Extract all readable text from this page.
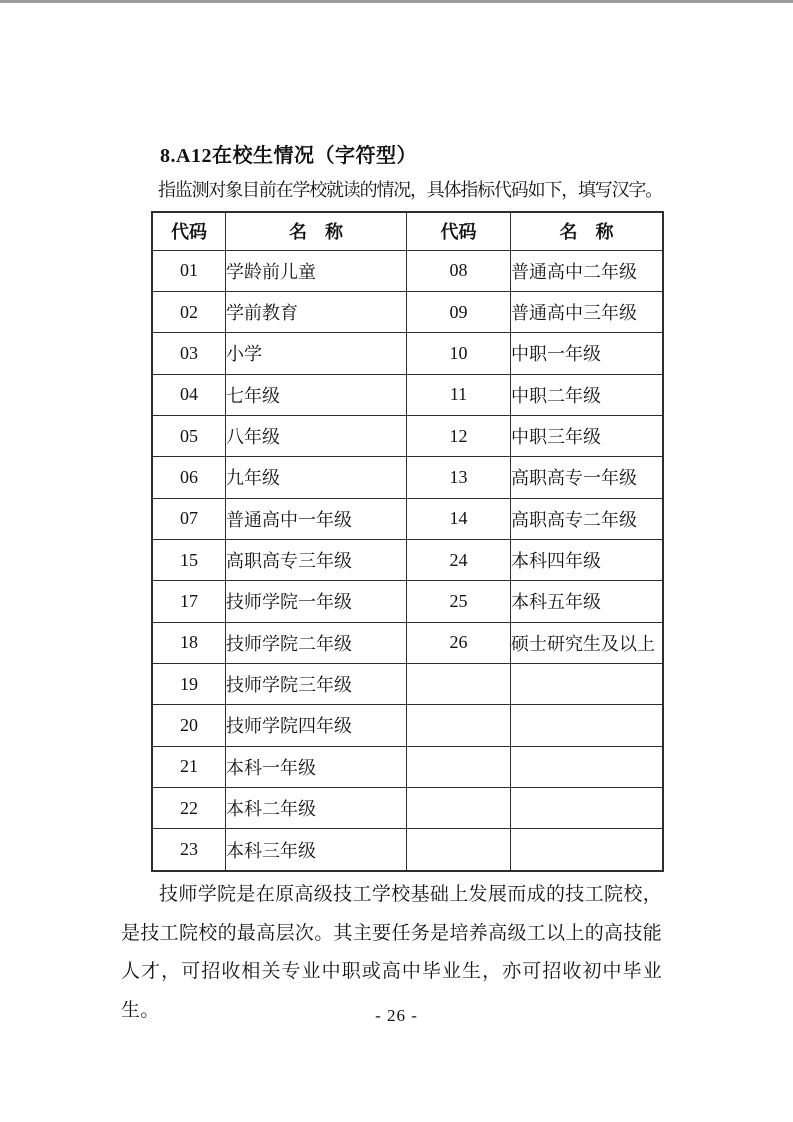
8.A12在校生情况（字符型）

指监测对象目前在学校就读的情况，具体指标代码如下，填写汉字。

代码	名　称	代码	名　称
01	学龄前儿童	08	普通高中二年级
02	学前教育	09	普通高中三年级
03	小学	10	中职一年级
04	七年级	11	中职二年级
05	八年级	12	中职三年级
06	九年级	13	高职高专一年级
07	普通高中一年级	14	高职高专二年级
15	高职高专三年级	24	本科四年级
17	技师学院一年级	25	本科五年级
18	技师学院二年级	26	硕士研究生及以上
19	技师学院三年级		
20	技师学院四年级		
21	本科一年级		
22	本科二年级		
23	本科三年级		

技师学院是在原高级技工学校基础上发展而成的技工院校，是技工院校的最高层次。其主要任务是培养高级工以上的高技能人才，可招收相关专业中职或高中毕业生，亦可招收初中毕业生。	- 26 -
